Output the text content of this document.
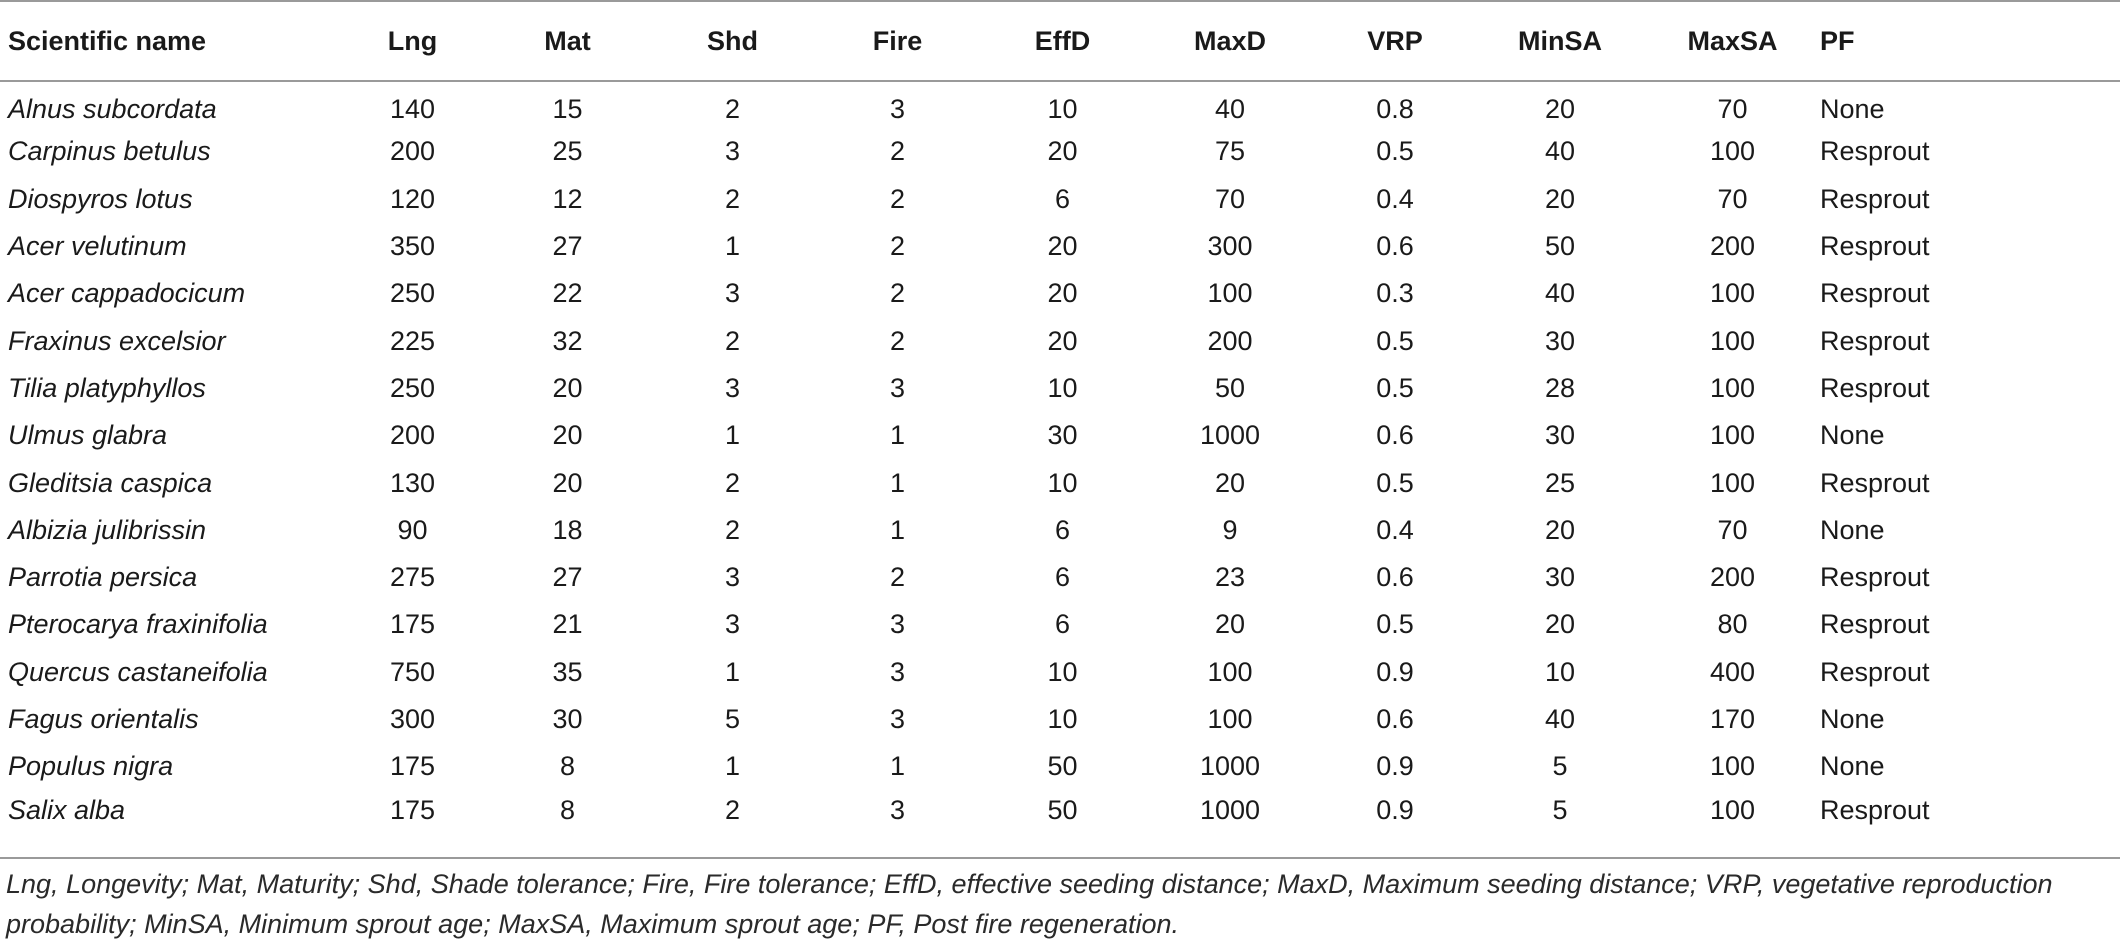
Scientific name	Lng	Mat	Shd	Fire	EffD	MaxD	VRP	MinSA	MaxSA	PF
Alnus subcordata	140	15	2	3	10	40	0.8	20	70	None
Carpinus betulus	200	25	3	2	20	75	0.5	40	100	Resprout
Diospyros lotus	120	12	2	2	6	70	0.4	20	70	Resprout
Acer velutinum	350	27	1	2	20	300	0.6	50	200	Resprout
Acer cappadocicum	250	22	3	2	20	100	0.3	40	100	Resprout
Fraxinus excelsior	225	32	2	2	20	200	0.5	30	100	Resprout
Tilia platyphyllos	250	20	3	3	10	50	0.5	28	100	Resprout
Ulmus glabra	200	20	1	1	30	1000	0.6	30	100	None
Gleditsia caspica	130	20	2	1	10	20	0.5	25	100	Resprout
Albizia julibrissin	90	18	2	1	6	9	0.4	20	70	None
Parrotia persica	275	27	3	2	6	23	0.6	30	200	Resprout
Pterocarya fraxinifolia	175	21	3	3	6	20	0.5	20	80	Resprout
Quercus castaneifolia	750	35	1	3	10	100	0.9	10	400	Resprout
Fagus orientalis	300	30	5	3	10	100	0.6	40	170	None
Populus nigra	175	8	1	1	50	1000	0.9	5	100	None
Salix alba	175	8	2	3	50	1000	0.9	5	100	Resprout
Lng, Longevity; Mat, Maturity; Shd, Shade tolerance; Fire, Fire tolerance; EffD, effective seeding distance; MaxD, Maximum seeding distance; VRP, vegetative reproduction
probability; MinSA, Minimum sprout age; MaxSA, Maximum sprout age; PF, Post fire regeneration.
